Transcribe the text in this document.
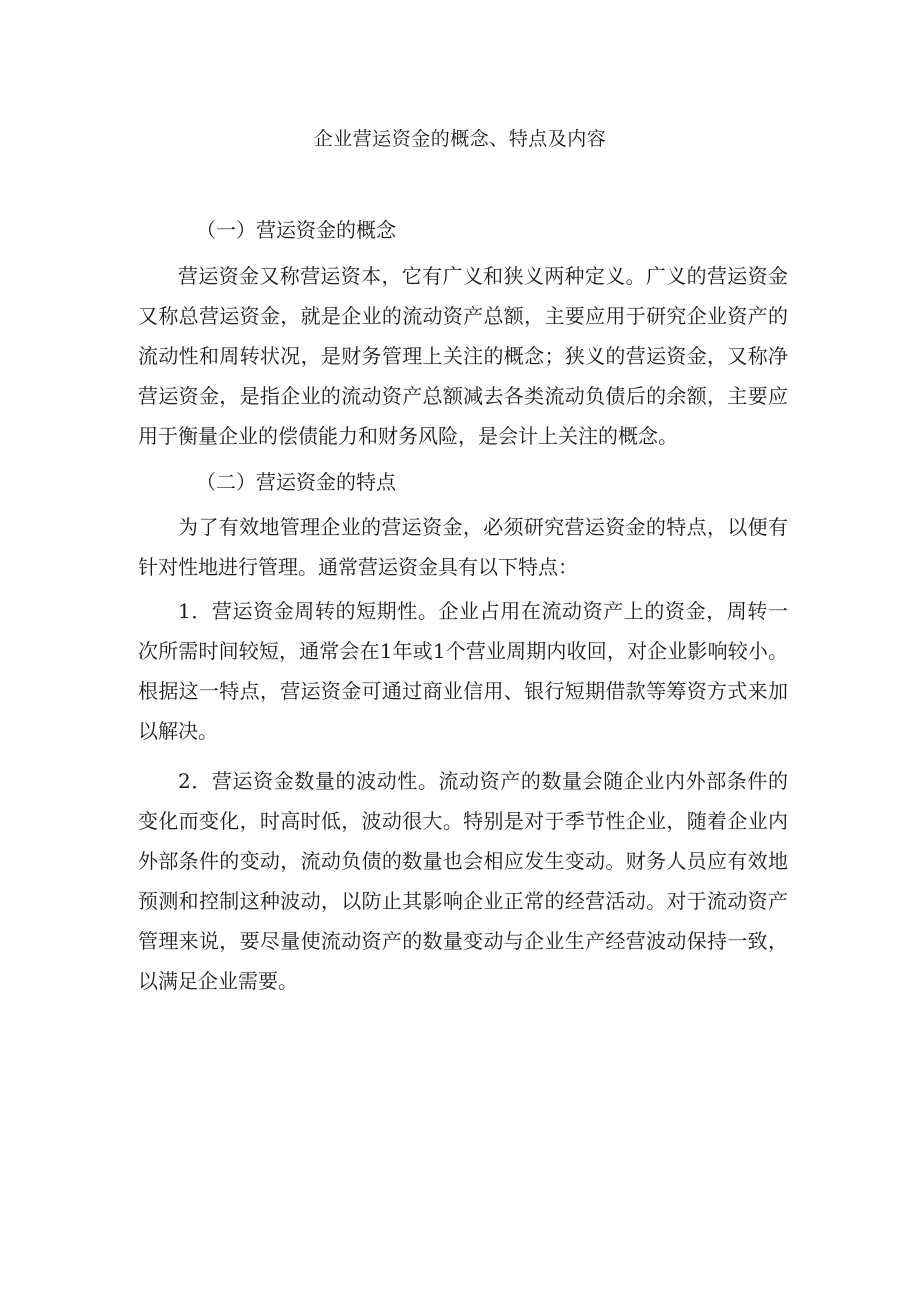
企业营运资金的概念、特点及内容
（一）营运资金的概念

营运资金又称营运资本，它有广义和狭义两种定义。广义的营运资金又称总营运资金，就是企业的流动资产总额，主要应用于研究企业资产的流动性和周转状况，是财务管理上关注的概念；狭义的营运资金，又称净营运资金，是指企业的流动资产总额减去各类流动负债后的余额，主要应用于衡量企业的偿债能力和财务风险，是会计上关注的概念。

（二）营运资金的特点

为了有效地管理企业的营运资金，必须研究营运资金的特点，以便有针对性地进行管理。通常营运资金具有以下特点：

1．营运资金周转的短期性。企业占用在流动资产上的资金，周转一次所需时间较短，通常会在1年或1个营业周期内收回，对企业影响较小。根据这一特点，营运资金可通过商业信用、银行短期借款等筹资方式来加以解决。

2．营运资金数量的波动性。流动资产的数量会随企业内外部条件的变化而变化，时高时低，波动很大。特别是对于季节性企业，随着企业内外部条件的变动，流动负债的数量也会相应发生变动。财务人员应有效地预测和控制这种波动，以防止其影响企业正常的经营活动。对于流动资产管理来说，要尽量使流动资产的数量变动与企业生产经营波动保持一致，以满足企业需要。
